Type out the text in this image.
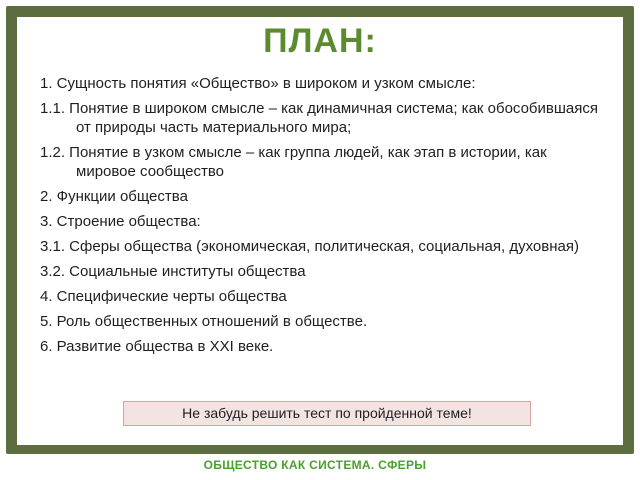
ПЛАН:
1. Сущность понятия «Общество» в широком и узком смысле:
1.1. Понятие в широком смысле – как динамичная система; как обособившаяся от природы часть материального мира;
1.2. Понятие в узком смысле – как группа людей, как этап в истории, как мировое сообщество
2. Функции общества
3. Строение общества:
3.1. Сферы общества (экономическая, политическая, социальная, духовная)
3.2. Социальные институты общества
4. Специфические черты общества
5. Роль общественных отношений в обществе.
6. Развитие общества в XXI веке.
Не забудь решить тест по пройденной теме!
ОБЩЕСТВО КАК СИСТЕМА. СФЕРЫ
